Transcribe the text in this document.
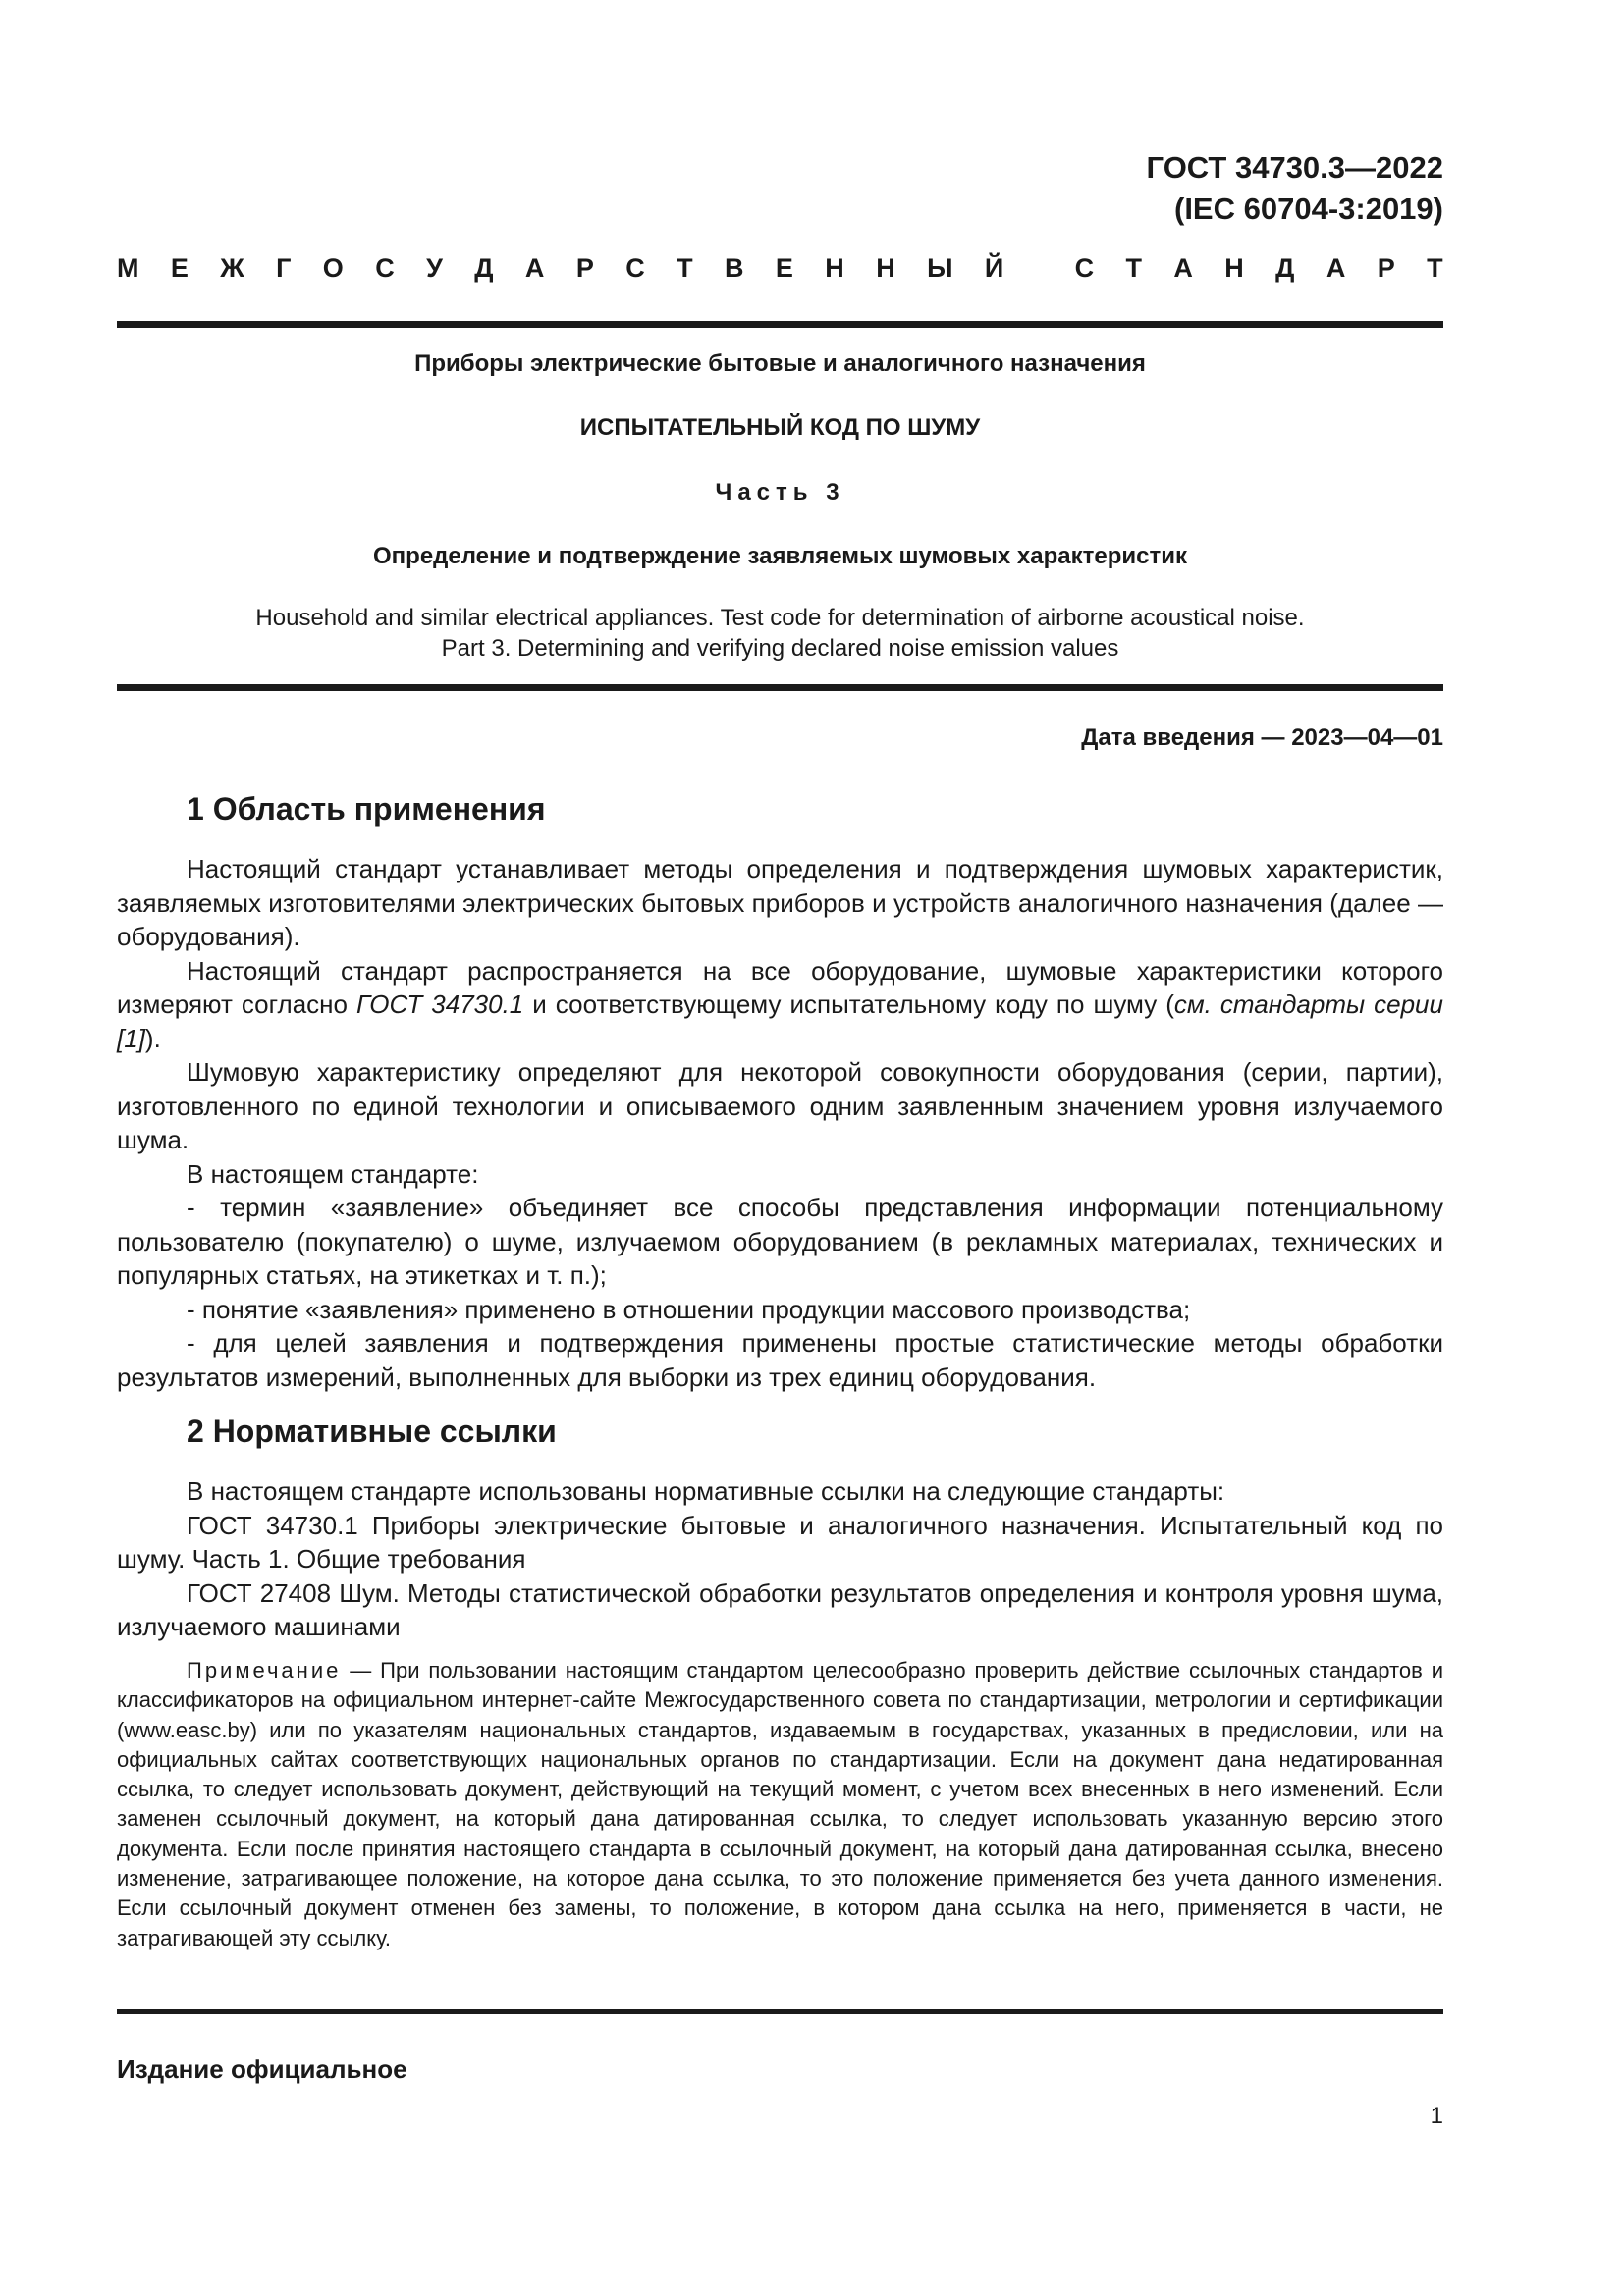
ГОСТ 34730.3—2022
(IEC 60704-3:2019)
М Е Ж Г О С У Д А Р С Т В Е Н Н Ы Й
	С Т А Н Д А Р Т
Приборы электрические бытовые и аналогичного назначения
ИСПЫТАТЕЛЬНЫЙ КОД ПО ШУМУ
Часть 3
Определение и подтверждение заявляемых шумовых характеристик
Household and similar electrical appliances. Test code for determination of airborne acoustical noise.
Part 3. Determining and verifying declared noise emission values
Дата введения — 2023—04—01
1 Область применения

Настоящий стандарт устанавливает методы определения и подтверждения шумовых характеристик, заявляемых изготовителями электрических бытовых приборов и устройств аналогичного назначения (далее — оборудования).

Настоящий стандарт распространяется на все оборудование, шумовые характеристики которого измеряют согласно ГОСТ 34730.1 и соответствующему испытательному коду по шуму (см. стандарты серии [1]).

Шумовую характеристику определяют для некоторой совокупности оборудования (серии, партии), изготовленного по единой технологии и описываемого одним заявленным значением уровня излучаемого шума.

В настоящем стандарте:

- термин «заявление» объединяет все способы представления информации потенциальному пользователю (покупателю) о шуме, излучаемом оборудованием (в рекламных материалах, технических и популярных статьях, на этикетках и т. п.);

- понятие «заявления» применено в отношении продукции массового производства;

- для целей заявления и подтверждения применены простые статистические методы обработки результатов измерений, выполненных для выборки из трех единиц оборудования.

2 Нормативные ссылки

В настоящем стандарте использованы нормативные ссылки на следующие стандарты:

ГОСТ 34730.1 Приборы электрические бытовые и аналогичного назначения. Испытательный код по шуму. Часть 1. Общие требования

ГОСТ 27408 Шум. Методы статистической обработки результатов определения и контроля уровня шума, излучаемого машинами

Примечание — При пользовании настоящим стандартом целесообразно проверить действие ссылочных стандартов и классификаторов на официальном интернет-сайте Межгосударственного совета по стандартизации, метрологии и сертификации (www.easc.by) или по указателям национальных стандартов, издаваемым в государствах, указанных в предисловии, или на официальных сайтах соответствующих национальных органов по стандартизации. Если на документ дана недатированная ссылка, то следует использовать документ, действующий на текущий момент, с учетом всех внесенных в него изменений. Если заменен ссылочный документ, на который дана датированная ссылка, то следует использовать указанную версию этого документа. Если после принятия настоящего стандарта в ссылочный документ, на который дана датированная ссылка, внесено изменение, затрагивающее положение, на которое дана ссылка, то это положение применяется без учета данного изменения. Если ссылочный документ отменен без замены, то положение, в котором дана ссылка на него, применяется в части, не затрагивающей эту ссылку.
Издание официальное
1
